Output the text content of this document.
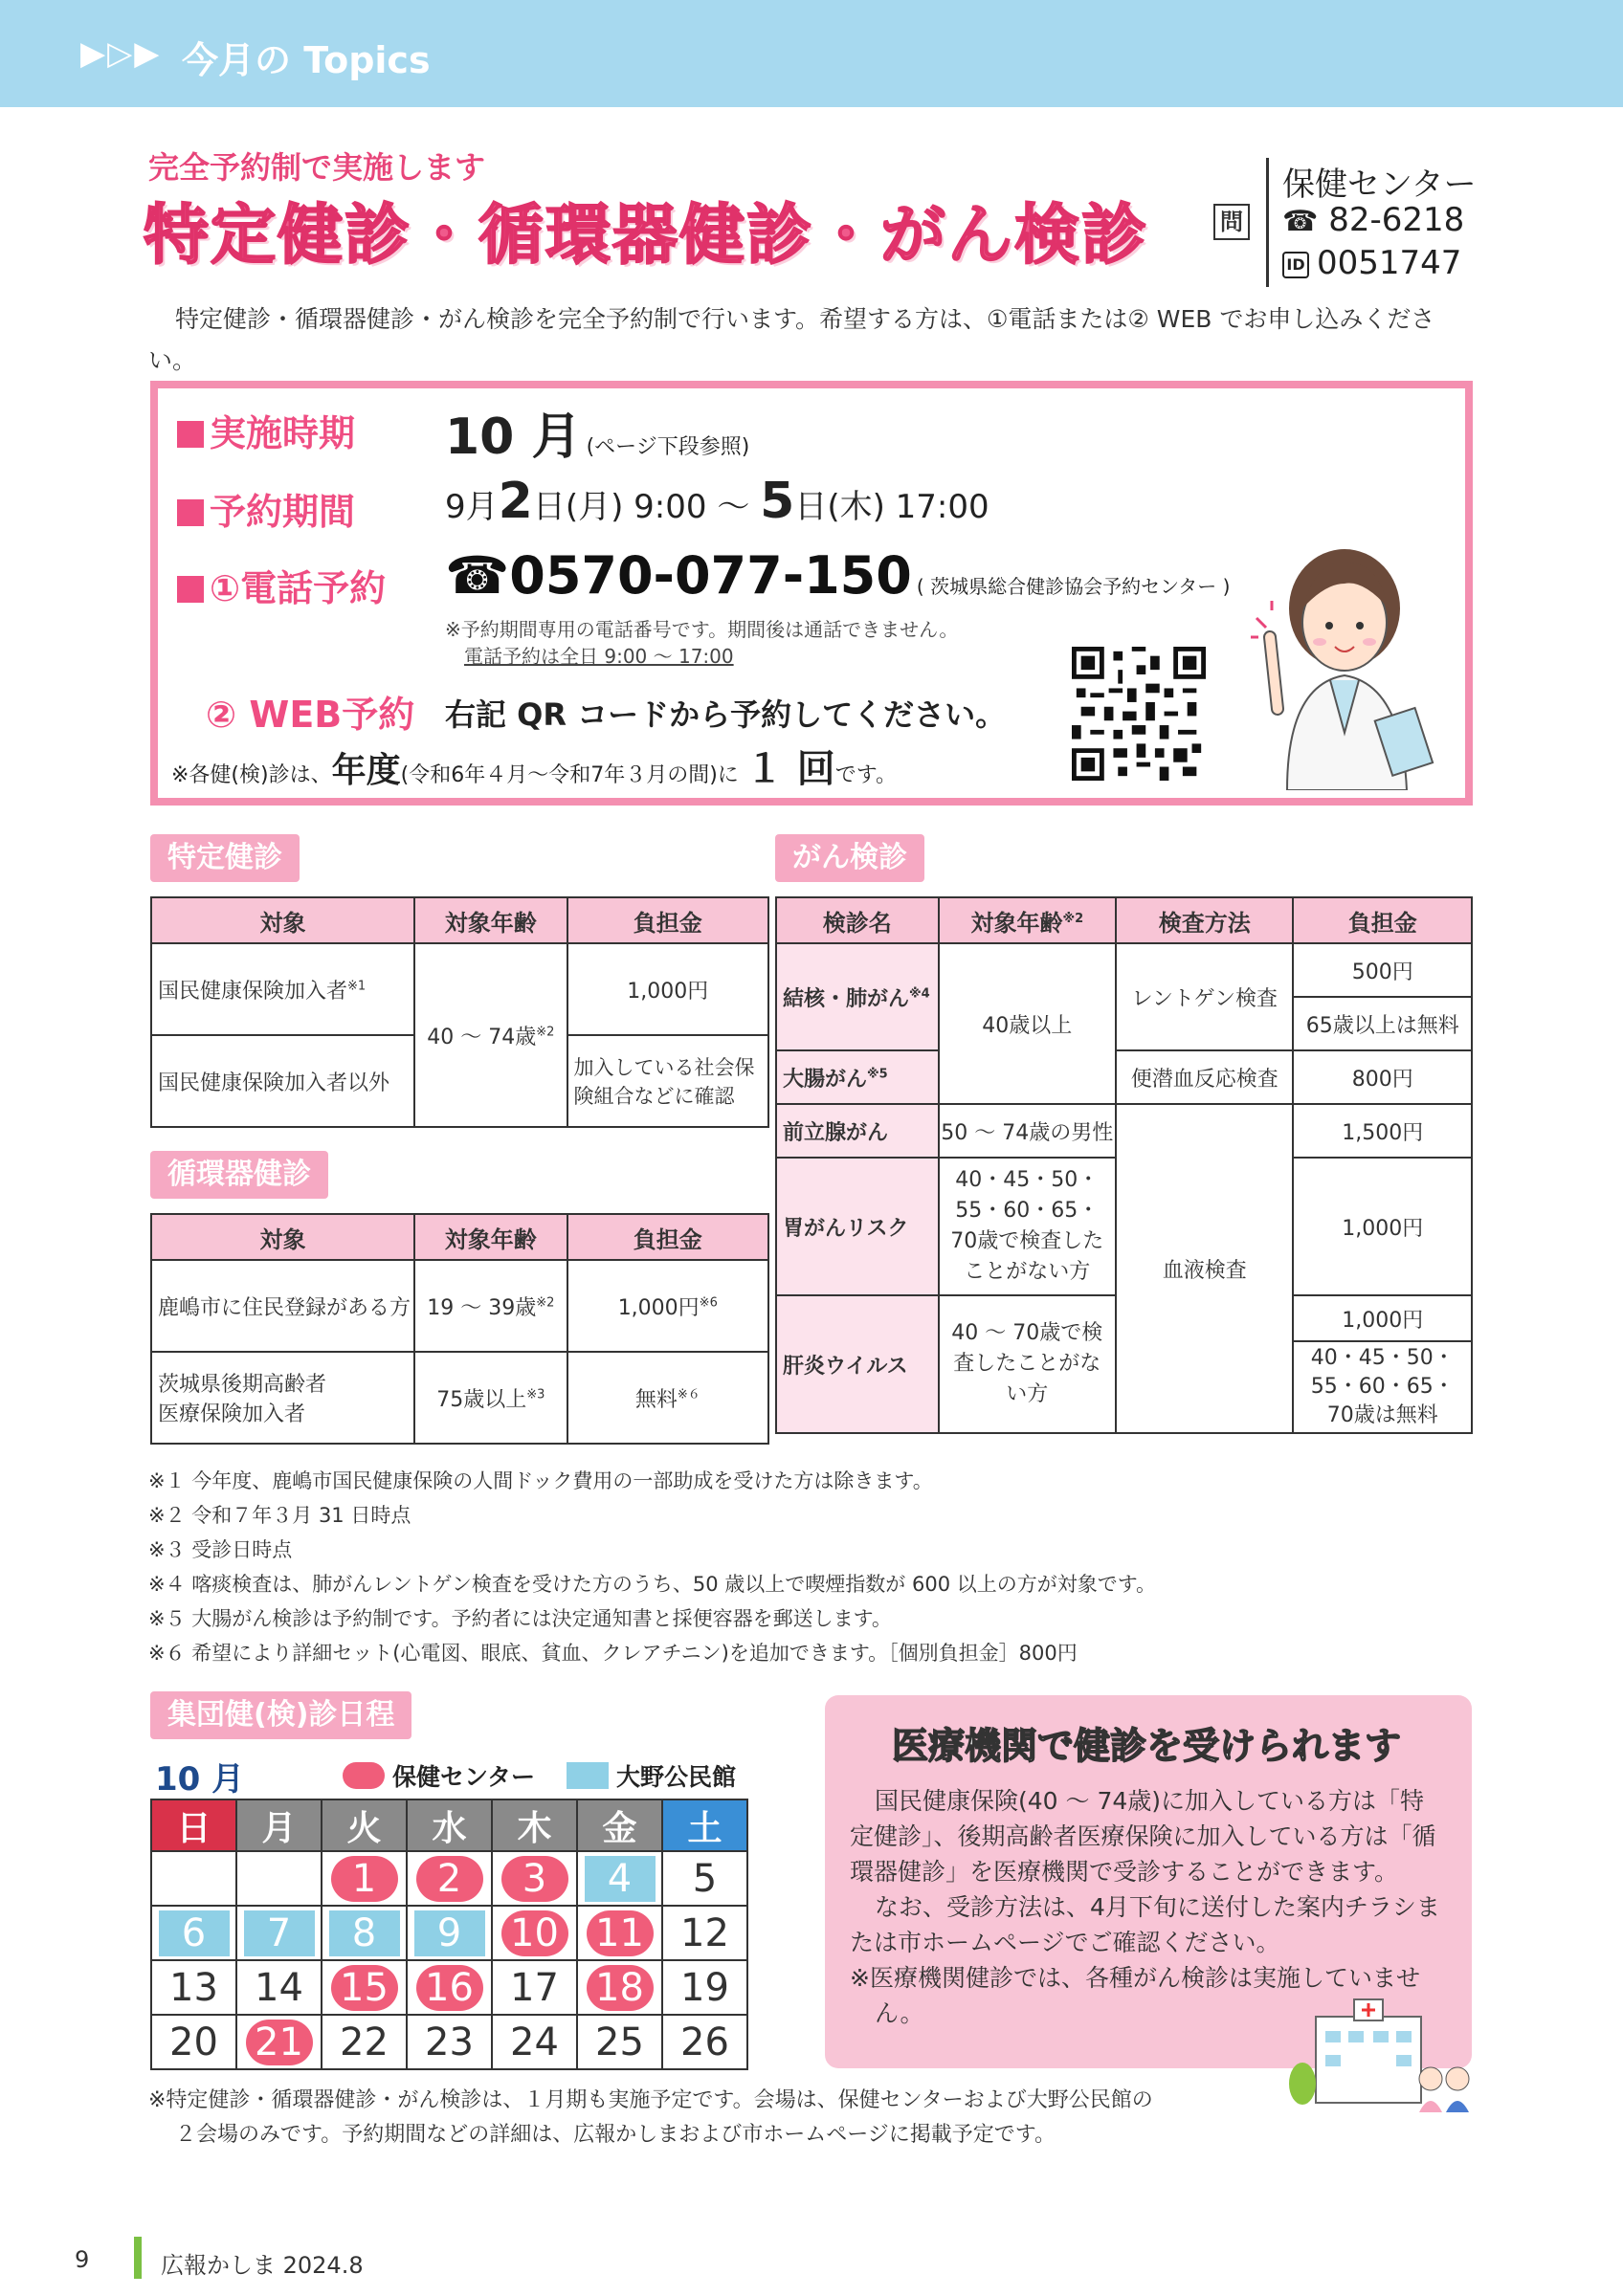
▶▷▶ 今月の Topics
完全予約制で実施します
特定健診・循環器健診・がん検診	問
保健センター
☎ 82-6218
ID 0051747
特定健診・循環器健診・がん検診を完全予約制で行います。希望する方は、①電話または② WEB でお申し込みください。
実施時期 10 月 (ページ下段参照)
予約期間	9月2日(月) 9:00 〜 5日(木) 17:00
①電話予約 ☎0570-077-150 ( 茨城県総合健診協会予約センター )
※予約期間専用の電話番号です。期間後は通話できません。
電話予約は全日 9:00 〜 17:00
② WEB予約 右記 QR コードから予約してください。
※各健(検)診は、年度(令和6年４月〜令和7年３月の間)に １ 回です。
特定健診
対象	対象年齢	負担金
国民健康保険加入者$^{※1}$	40 〜 74歳$^{※2}$	1,000円
国民健康保険加入者以外		加入している社会保険組合などに確認
循環器健診
対象	対象年齢	負担金
鹿嶋市に住民登録がある方	19 〜 39歳$^{※2}$	1,000円$^{※6}$
茨城県後期高齢者
医療保険加入者	75歳以上$^{※3}$	無料$^{※6}$
がん検診
検診名	対象年齢$^{※2}$	検査方法	負担金
結核・肺がん$^{※4}$	40歳以上	レントゲン検査	500円
			65歳以上は無料
大腸がん$^{※5}$		便潜血反応検査	800円
前立腺がん	50 〜 74歳の男性	血液検査	1,500円
胃がんリスク	40・45・50・55・60・65・70歳で検査したことがない方		1,000円
肝炎ウイルス	40 〜 70歳で検査したことがない方		1,000円
			40・45・50・55・60・65・70歳は無料
※１ 今年度、鹿嶋市国民健康保険の人間ドック費用の一部助成を受けた方は除きます。
※２ 令和７年３月 31 日時点
※３ 受診日時点
※４ 喀痰検査は、肺がんレントゲン検査を受けた方のうち、50 歳以上で喫煙指数が 600 以上の方が対象です。
※５ 大腸がん検診は予約制です。予約者には決定通知書と採便容器を郵送します。
※６ 希望により詳細セット(心電図、眼底、貧血、クレアチニン)を追加できます。［個別負担金］800円
集団健(検)診日程
10 月	保健センター	大野公民館
日	月	火	水	木	金	土
		1	2	3	4	5
6	7	8	9	10	11	12
13	14	15	16	17	18	19
20	21	22	23	24	25	26
※特定健診・循環器健診・がん検診は、１月期も実施予定です。会場は、保健センターおよび大野公民館の
２会場のみです。予約期間などの詳細は、広報かしまおよび市ホームページに掲載予定です。
医療機関で健診を受けられます
国民健康保険(40 〜 74歳)に加入している方は「特定健診」、後期高齢者医療保険に加入している方は「循環器健診」を医療機関で受診することができます。
なお、受診方法は、4月下旬に送付した案内チラシまたは市ホームページでご確認ください。
※医療機関健診では、各種がん検診は実施していません。
9	広報かしま 2024.8
